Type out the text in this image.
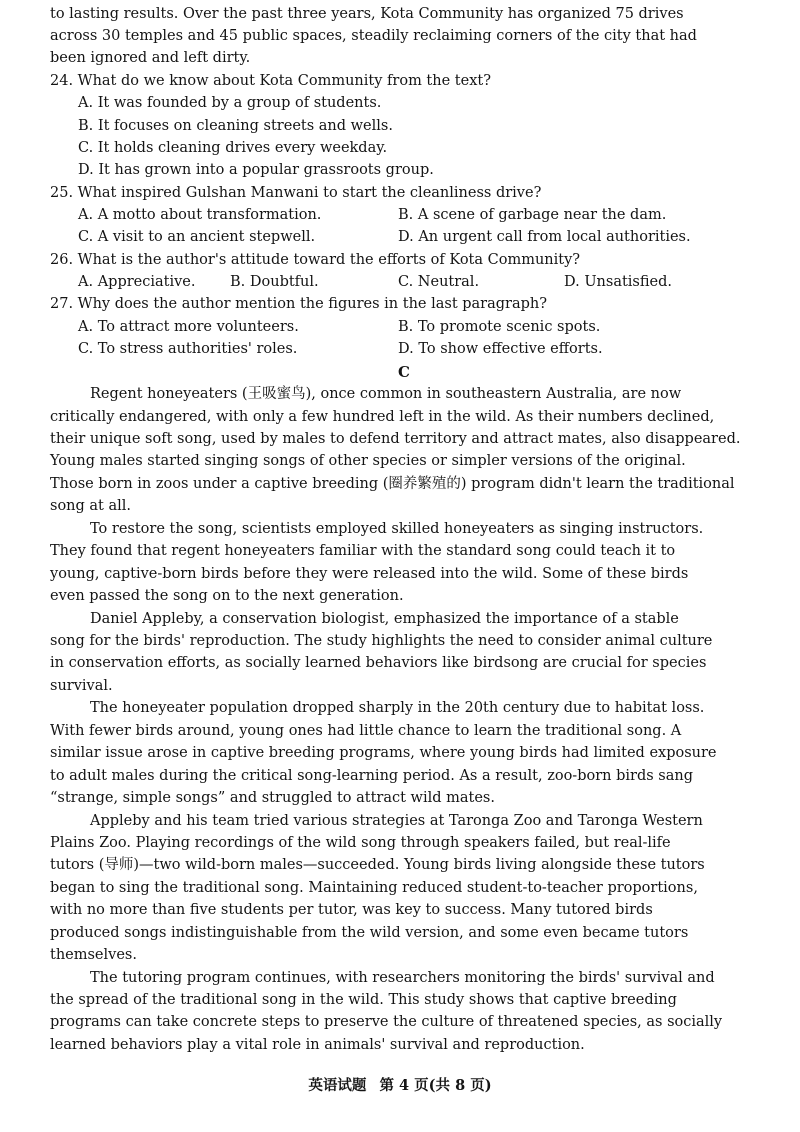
to lasting results. Over the past three years, Kota Community has organized 75 drives
across 30 temples and 45 public spaces, steadily reclaiming corners of the city that had
been ignored and left dirty.
24. What do we know about Kota Community from the text?
A. It was founded by a group of students.
B. It focuses on cleaning streets and wells.
C. It holds cleaning drives every weekday.
D. It has grown into a popular grassroots group.
25. What inspired Gulshan Manwani to start the cleanliness drive?
A. A motto about transformation.	B. A scene of garbage near the dam.
C. A visit to an ancient stepwell.	D. An urgent call from local authorities.
26. What is the author's attitude toward the efforts of Kota Community?
A. Appreciative. B. Doubtful.	C. Neutral.	D. Unsatisfied.
27. Why does the author mention the figures in the last paragraph?
A. To attract more volunteers.	B. To promote scenic spots.
C. To stress authorities' roles.	D. To show effective efforts.
C
Regent honeyeaters (王吸蜜鸟), once common in southeastern Australia, are now
critically endangered, with only a few hundred left in the wild. As their numbers declined,
their unique soft song, used by males to defend territory and attract mates, also disappeared.
Young males started singing songs of other species or simpler versions of the original.
Those born in zoos under a captive breeding (圈养繁殖的) program didn't learn the traditional
song at all.
To restore the song, scientists employed skilled honeyeaters as singing instructors.
They found that regent honeyeaters familiar with the standard song could teach it to
young, captive-born birds before they were released into the wild. Some of these birds
even passed the song on to the next generation.
Daniel Appleby, a conservation biologist, emphasized the importance of a stable
song for the birds' reproduction. The study highlights the need to consider animal culture
in conservation efforts, as socially learned behaviors like birdsong are crucial for species
survival.
The honeyeater population dropped sharply in the 20th century due to habitat loss.
With fewer birds around, young ones had little chance to learn the traditional song. A
similar issue arose in captive breeding programs, where young birds had limited exposure
to adult males during the critical song-learning period. As a result, zoo-born birds sang
“strange, simple songs” and struggled to attract wild mates.
Appleby and his team tried various strategies at Taronga Zoo and Taronga Western
Plains Zoo. Playing recordings of the wild song through speakers failed, but real-life
tutors (导师)—two wild-born males—succeeded. Young birds living alongside these tutors
began to sing the traditional song. Maintaining reduced student-to-teacher proportions,
with no more than five students per tutor, was key to success. Many tutored birds
produced songs indistinguishable from the wild version, and some even became tutors
themselves.
The tutoring program continues, with researchers monitoring the birds' survival and
the spread of the traditional song in the wild. This study shows that captive breeding
programs can take concrete steps to preserve the culture of threatened species, as socially
learned behaviors play a vital role in animals' survival and reproduction.
英语试题 第 4 页(共 8 页)
